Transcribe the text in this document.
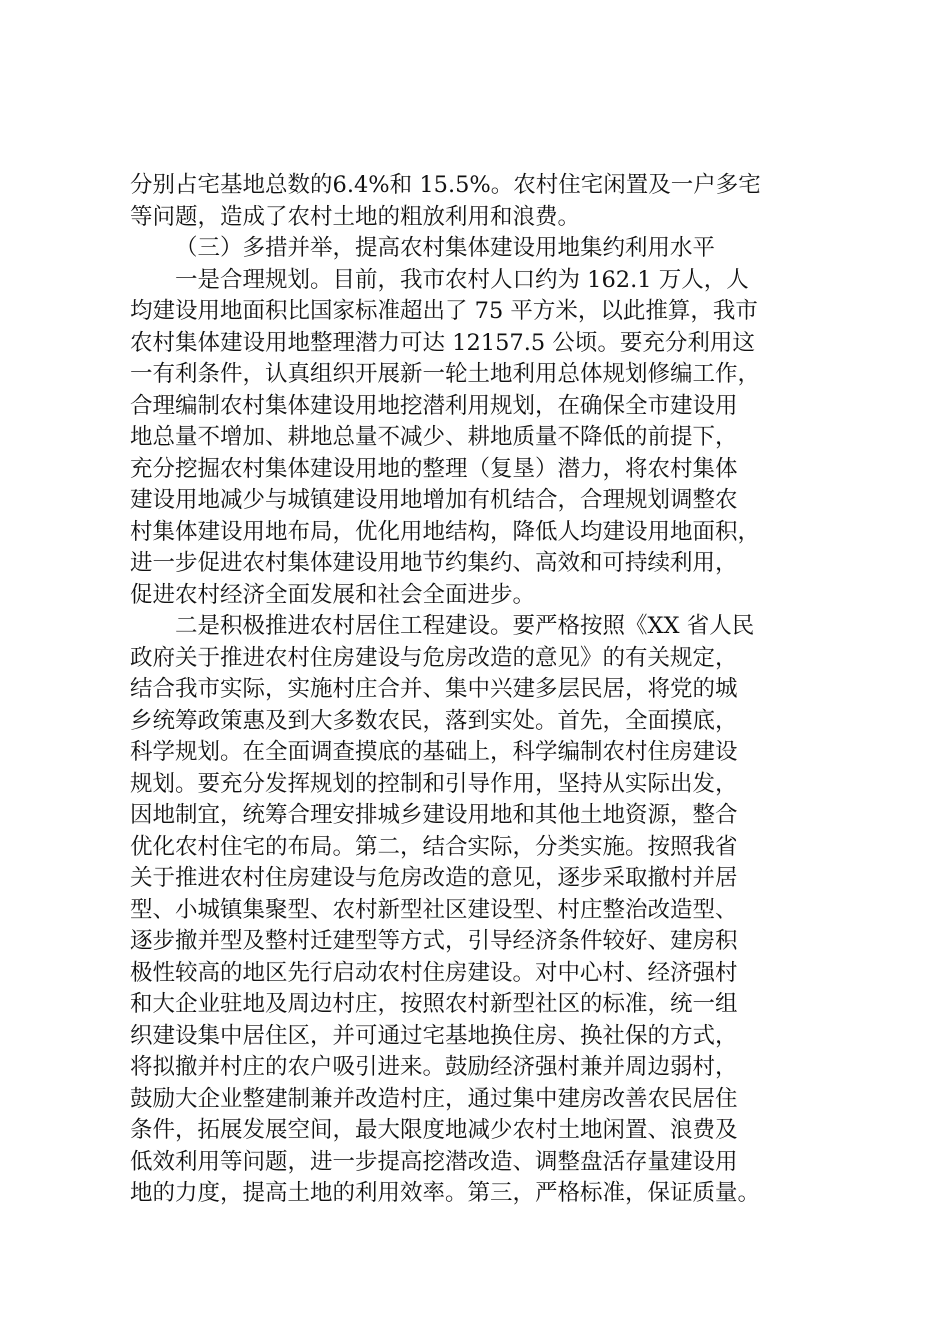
分别占宅基地总数的6.4%和 15.5%。农村住宅闲置及一户多宅
等问题，造成了农村土地的粗放利用和浪费。
（三）多措并举，提高农村集体建设用地集约利用水平
一是合理规划。目前，我市农村人口约为 162.1 万人，人
均建设用地面积比国家标准超出了 75 平方米，以此推算，我市
农村集体建设用地整理潜力可达 12157.5 公顷。要充分利用这
一有利条件，认真组织开展新一轮土地利用总体规划修编工作，
合理编制农村集体建设用地挖潜利用规划，在确保全市建设用
地总量不增加、耕地总量不减少、耕地质量不降低的前提下，
充分挖掘农村集体建设用地的整理（复垦）潜力，将农村集体
建设用地减少与城镇建设用地增加有机结合，合理规划调整农
村集体建设用地布局，优化用地结构，降低人均建设用地面积，
进一步促进农村集体建设用地节约集约、高效和可持续利用，
促进农村经济全面发展和社会全面进步。
二是积极推进农村居住工程建设。要严格按照《XX 省人民
政府关于推进农村住房建设与危房改造的意见》的有关规定，
结合我市实际，实施村庄合并、集中兴建多层民居，将党的城
乡统筹政策惠及到大多数农民，落到实处。首先，全面摸底，
科学规划。在全面调查摸底的基础上，科学编制农村住房建设
规划。要充分发挥规划的控制和引导作用，坚持从实际出发，
因地制宜，统筹合理安排城乡建设用地和其他土地资源，整合
优化农村住宅的布局。第二，结合实际，分类实施。按照我省
关于推进农村住房建设与危房改造的意见，逐步采取撤村并居
型、小城镇集聚型、农村新型社区建设型、村庄整治改造型、
逐步撤并型及整村迁建型等方式，引导经济条件较好、建房积
极性较高的地区先行启动农村住房建设。对中心村、经济强村
和大企业驻地及周边村庄，按照农村新型社区的标准，统一组
织建设集中居住区，并可通过宅基地换住房、换社保的方式，
将拟撤并村庄的农户吸引进来。鼓励经济强村兼并周边弱村，
鼓励大企业整建制兼并改造村庄，通过集中建房改善农民居住
条件，拓展发展空间，最大限度地减少农村土地闲置、浪费及
低效利用等问题，进一步提高挖潜改造、调整盘活存量建设用
地的力度，提高土地的利用效率。第三，严格标准，保证质量。
